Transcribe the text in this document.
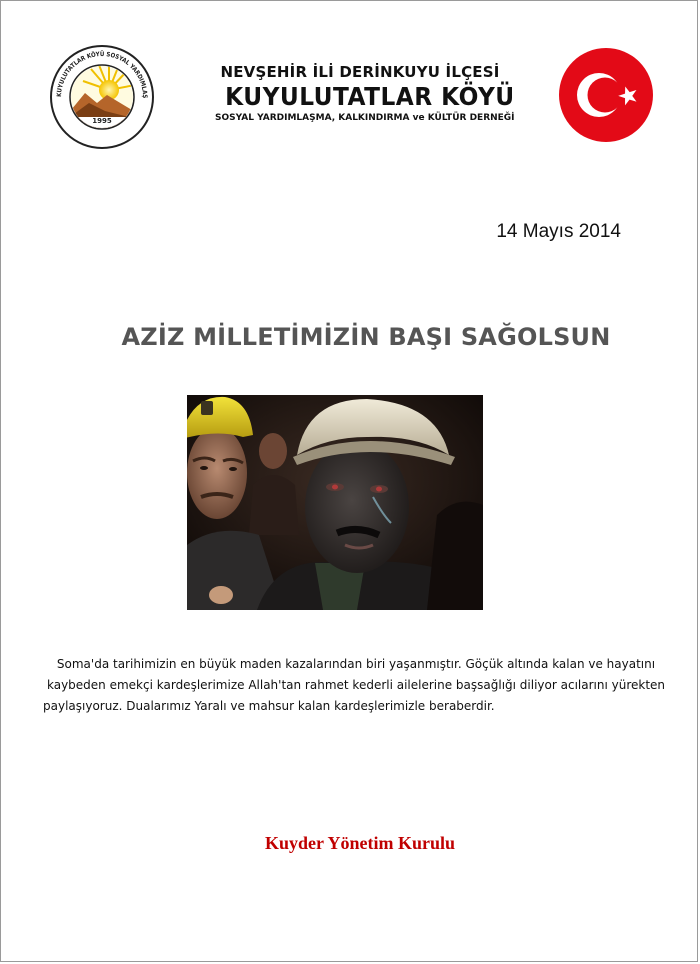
1995
KUYULUTATLAR KÖYÜ SOSYAL YARDIMLAŞ
NEVŞEHİR İLİ DERİNKUYU İLÇESİ
KUYULUTATLAR KÖYÜ
SOSYAL YARDIMLAŞMA, KALKINDIRMA ve KÜLTÜR DERNEĞİ
14 Mayıs 2014
AZİZ MİLLETİMİZİN BAŞI SAĞOLSUN
Soma'da tarihimizin en büyük maden kazalarından biri yaşanmıştır. Göçük altında kalan ve hayatını
kaybeden emekçi kardeşlerimize Allah'tan rahmet kederli ailelerine başsağlığı diliyor acılarını yürekten
paylaşıyoruz. Dualarımız Yaralı ve mahsur kalan kardeşlerimizle beraberdir.
Kuyder Yönetim Kurulu
